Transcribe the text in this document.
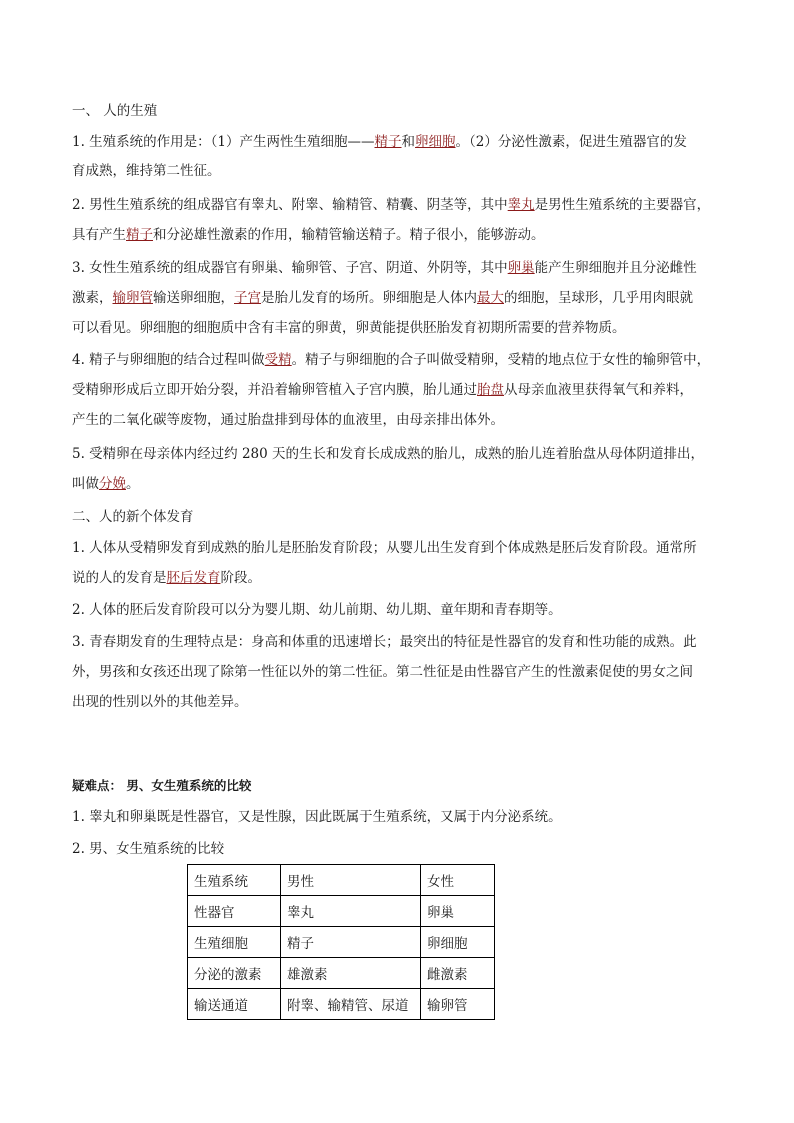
一、 人的生殖
1. 生殖系统的作用是：（1）产生两性生殖细胞——精子和卵细胞。（2）分泌性激素，促进生殖器官的发
育成熟，维持第二性征。
2. 男性生殖系统的组成器官有睾丸、附睾、输精管、精囊、阴茎等，其中睾丸是男性生殖系统的主要器官，
具有产生精子和分泌雄性激素的作用，输精管输送精子。精子很小，能够游动。
3. 女性生殖系统的组成器官有卵巢、输卵管、子宫、阴道、外阴等，其中卵巢能产生卵细胞并且分泌雌性
激素，输卵管输送卵细胞，子宫是胎儿发育的场所。卵细胞是人体内最大的细胞，呈球形，几乎用肉眼就
可以看见。卵细胞的细胞质中含有丰富的卵黄，卵黄能提供胚胎发育初期所需要的营养物质。
4. 精子与卵细胞的结合过程叫做受精。精子与卵细胞的合子叫做受精卵，受精的地点位于女性的输卵管中，
受精卵形成后立即开始分裂，并沿着输卵管植入子宫内膜，胎儿通过胎盘从母亲血液里获得氧气和养料，
产生的二氧化碳等废物，通过胎盘排到母体的血液里，由母亲排出体外。
5. 受精卵在母亲体内经过约 280 天的生长和发育长成成熟的胎儿，成熟的胎儿连着胎盘从母体阴道排出，
叫做分娩。
二、人的新个体发育
1. 人体从受精卵发育到成熟的胎儿是胚胎发育阶段；从婴儿出生发育到个体成熟是胚后发育阶段。通常所
说的人的发育是胚后发育阶段。
2. 人体的胚后发育阶段可以分为婴儿期、幼儿前期、幼儿期、童年期和青春期等。
3. 青春期发育的生理特点是：身高和体重的迅速增长；最突出的特征是性器官的发育和性功能的成熟。此
外，男孩和女孩还出现了除第一性征以外的第二性征。第二性征是由性器官产生的性激素促使的男女之间
出现的性别以外的其他差异。
疑难点： 男、女生殖系统的比较
1. 睾丸和卵巢既是性器官，又是性腺，因此既属于生殖系统，又属于内分泌系统。
2. 男、女生殖系统的比较
生殖系统	男性	女性
性器官	睾丸	卵巢
生殖细胞	精子	卵细胞
分泌的激素	雄激素	雌激素
输送通道	附睾、输精管、尿道	输卵管
